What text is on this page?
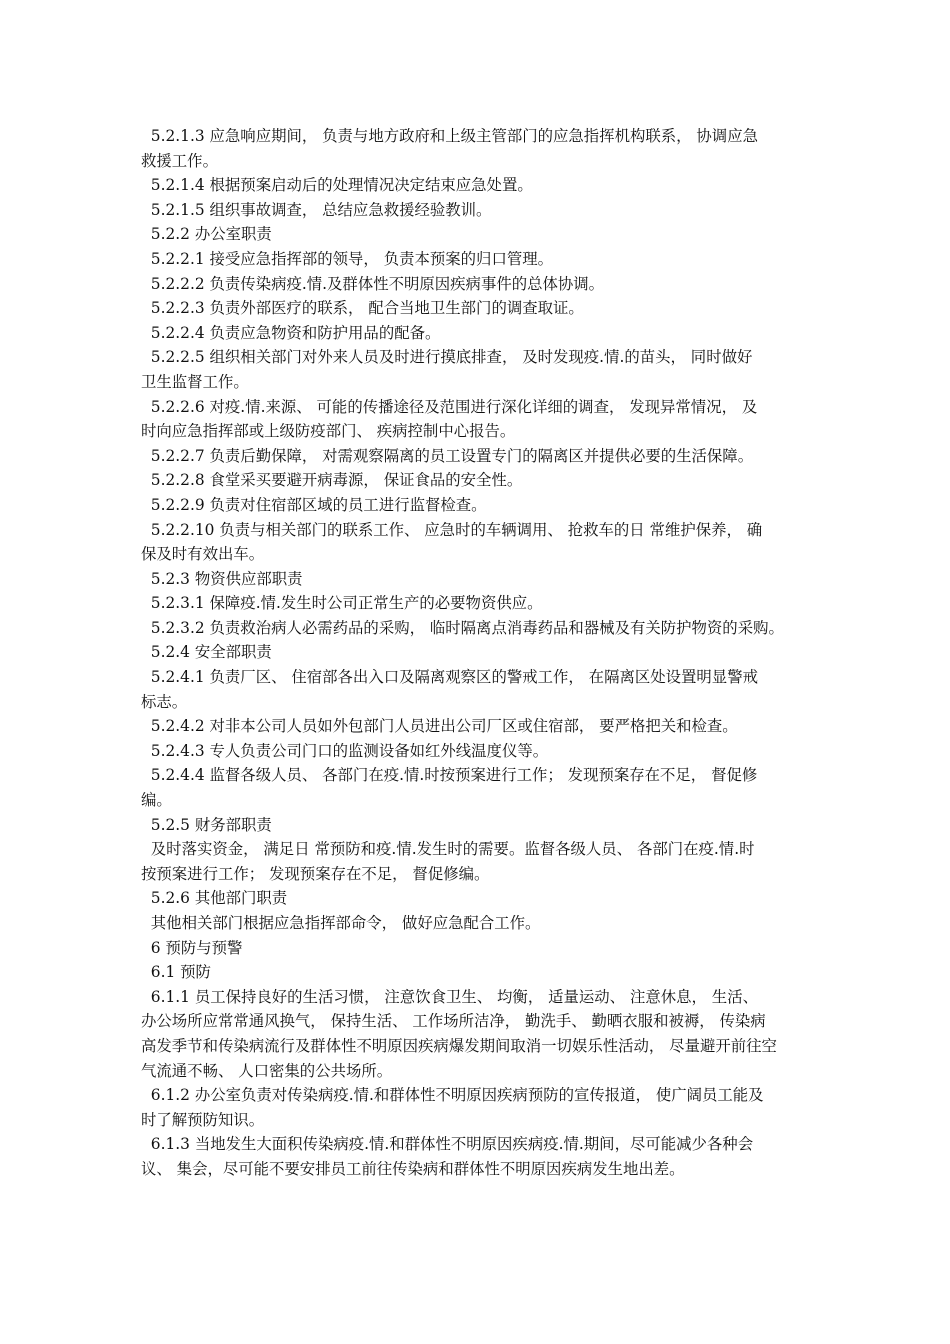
5.2.1.3 应急响应期间， 负责与地方政府和上级主管部门的应急指挥机构联系， 协调应急
救援工作。
5.2.1.4 根据预案启动后的处理情况决定结束应急处置。
5.2.1.5 组织事故调查， 总结应急救援经验教训。
5.2.2 办公室职责
5.2.2.1 接受应急指挥部的领导， 负责本预案的归口管理。
5.2.2.2 负责传染病疫.情.及群体性不明原因疾病事件的总体协调。
5.2.2.3 负责外部医疗的联系， 配合当地卫生部门的调查取证。
5.2.2.4 负责应急物资和防护用品的配备。
5.2.2.5 组织相关部门对外来人员及时进行摸底排查， 及时发现疫.情.的苗头， 同时做好
卫生监督工作。
5.2.2.6 对疫.情.来源、 可能的传播途径及范围进行深化详细的调查， 发现异常情况， 及
时向应急指挥部或上级防疫部门、 疾病控制中心报告。
5.2.2.7 负责后勤保障， 对需观察隔离的员工设置专门的隔离区并提供必要的生活保障。
5.2.2.8 食堂采买要避开病毒源， 保证食品的安全性。
5.2.2.9 负责对住宿部区域的员工进行监督检查。
5.2.2.10 负责与相关部门的联系工作、 应急时的车辆调用、 抢救车的日 常维护保养， 确
保及时有效出车。
5.2.3 物资供应部职责
5.2.3.1 保障疫.情.发生时公司正常生产的必要物资供应。
5.2.3.2 负责救治病人必需药品的采购， 临时隔离点消毒药品和器械及有关防护物资的采购。
5.2.4 安全部职责
5.2.4.1 负责厂区、 住宿部各出入口及隔离观察区的警戒工作， 在隔离区处设置明显警戒
标志。
5.2.4.2 对非本公司人员如外包部门人员进出公司厂区或住宿部， 要严格把关和检查。
5.2.4.3 专人负责公司门口的监测设备如红外线温度仪等。
5.2.4.4 监督各级人员、 各部门在疫.情.时按预案进行工作； 发现预案存在不足， 督促修
编。
5.2.5 财务部职责
及时落实资金， 满足日 常预防和疫.情.发生时的需要。监督各级人员、 各部门在疫.情.时
按预案进行工作； 发现预案存在不足， 督促修编。
5.2.6 其他部门职责
其他相关部门根据应急指挥部命令， 做好应急配合工作。
6 预防与预警
6.1 预防
6.1.1 员工保持良好的生活习惯， 注意饮食卫生、 均衡， 适量运动、 注意休息， 生活、
办公场所应常常通风换气， 保持生活、 工作场所洁净， 勤洗手、 勤晒衣服和被褥， 传染病
高发季节和传染病流行及群体性不明原因疾病爆发期间取消一切娱乐性活动， 尽量避开前往空
气流通不畅、 人口密集的公共场所。
6.1.2 办公室负责对传染病疫.情.和群体性不明原因疾病预防的宣传报道， 使广阔员工能及
时了解预防知识。
6.1.3 当地发生大面积传染病疫.情.和群体性不明原因疾病疫.情.期间，尽可能减少各种会
议、 集会，尽可能不要安排员工前往传染病和群体性不明原因疾病发生地出差。
